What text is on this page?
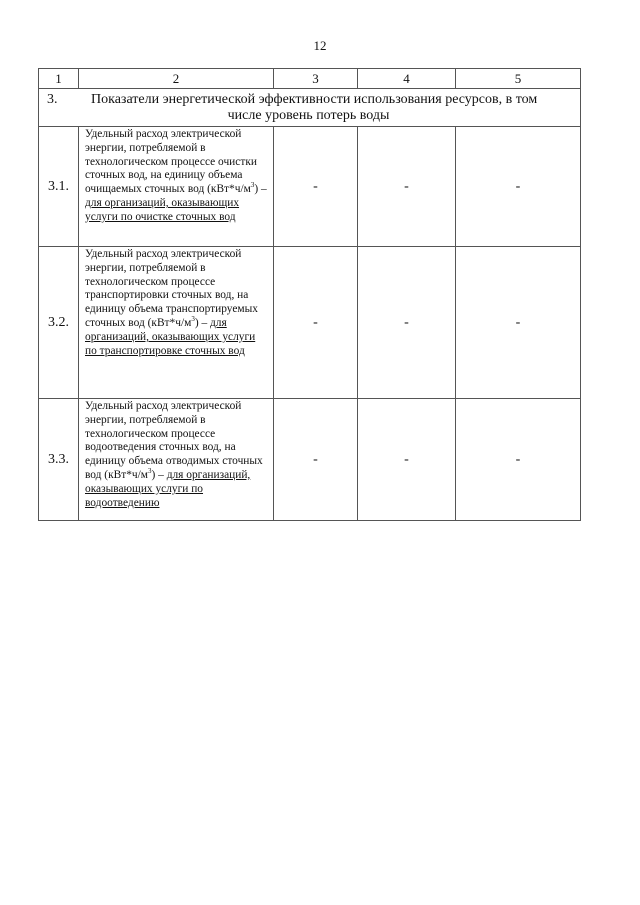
12
1	2	3	4	5
3. Показатели энергетической эффективности использования ресурсов, в том
числе уровень потерь воды				

3.1.	Удельный расход электрической энергии, потребляемой в технологическом процессе очистки сточных вод, на единицу объема очищаемых сточных вод $(кВт*ч/м^3)$ – для организаций, оказывающих услуги по очистке сточных вод	-	-	-
3.2.	Удельный расход электрической энергии, потребляемой в технологическом процессе транспортировки сточных вод, на единицу объема транспортируемых сточных вод $(кВт*ч/м^3)$ – для организаций, оказывающих услуги по транспортировке сточных вод	-	-	-
3.3.	Удельный расход электрической энергии, потребляемой в технологическом процессе водоотведения сточных вод, на единицу объема отводимых сточных вод $(кВт*ч/м^3)$ – для организаций, оказывающих услуги по водоотведению	-	-	-
